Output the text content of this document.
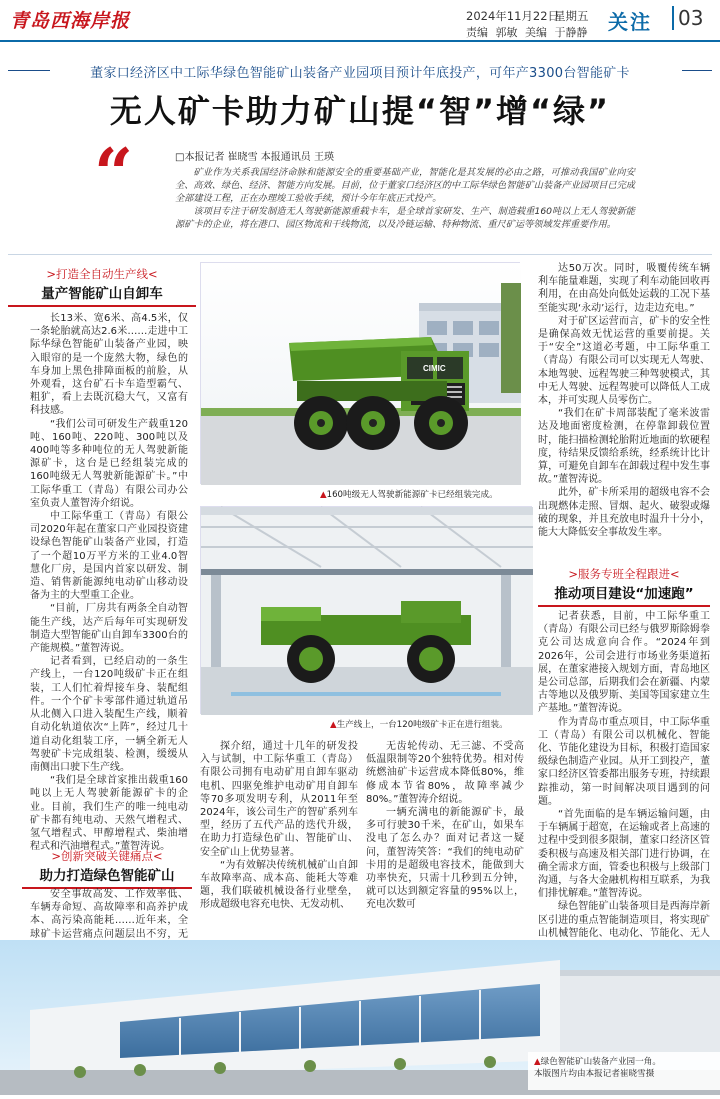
青岛西海岸报	2024年11月22日
星期五
责编 郭敏 美编 于静静 关注	03
董家口经济区中工际华绿色智能矿山装备产业园项目预计年底投产，可年产3300台智能矿卡
无人矿卡助力矿山提“智”增“绿”
“	□本报记者 崔晓雪 本报通讯员 王瑛

矿业作为关系我国经济命脉和能源安全的重要基础产业，智能化是其发展的必由之路，可推动我国矿业向安全、高效、绿色、经济、智能方向发展。目前，位于董家口经济区的中工际华绿色智能矿山装备产业园项目已完成全部建设工程，正在办理竣工验收手续，预计今年年底正式投产。

该项目专注于研发制造无人驾驶新能源重载卡车，是全球首家研发、生产、制造载重160吨以上无人驾驶新能源矿卡的企业，将在港口、园区物流和干线物流，以及冷链运输、特种物流、重尺矿运等领域发挥重要作用。

>打造全自动生产线<
量产智能矿山自卸车

长13米、宽6米、高4.5米，仅一条轮胎就高达2.6米……走进中工际华绿色智能矿山装备产业园，映入眼帘的是一个庞然大物，绿色的车身加上黑色排障面板的前脸，从外观看，这台矿石卡车造型霸气、粗犷，看上去既沉稳大气，又富有科技感。

“我们公司可研发生产载重120吨、160吨、220吨、300吨以及400吨等多种吨位的无人驾驶新能源矿卡，这台是已经组装完成的160吨级无人驾驶新能源矿卡。”中工际华重工（青岛）有限公司办公室负责人董智涛介绍说。

中工际华重工（青岛）有限公司2020年起在董家口产业园投资建设绿色智能矿山装备产业园，打造了一个超10万平方米的工业4.0智慧化厂房，是国内首家以研发、制造、销售新能源纯电动矿山移动设备为主的大型重工企业。

“目前，厂房共有两条全自动智能生产线，达产后每年可实现研发制造大型智能矿山自卸车3300台的产能规模。”董智涛说。

记者看到，已经启动的一条生产线上，一台120吨级矿卡正在组装，工人们忙着焊接车身、装配组件。一个个矿卡零部件通过轨道吊从北侧入口进入装配生产线，顺着自动化轨道依次“上阵”，经过几十道自动化组装工序，一辆全新无人驾驶矿卡完成组装、检测，缓缓从南侧出口驶下生产线。

“我们是全球首家推出载重160吨以上无人驾驶新能源矿卡的企业。目前，我们生产的唯一纯电动矿卡都有纯电动、天然气增程式、氢气增程式、甲醇增程式、柴油增程式和汽油增程式。”董智涛说。

>创新突破关键痛点<
助力打造绿色智能矿山

安全事故高发、工作效率低、车辆寿命短、高故障率和高养护成本、高污染高能耗……近年来，全球矿卡运营痛点问题层出不穷，无

CIMIC
▲160吨级无人驾驶新能源矿卡已经组装完成。
▲生产线上，一台120吨级矿卡正在进行组装。

探介绍，通过十几年的研发投入与试制，中工际华重工（青岛）有限公司拥有电动矿用自卸车驱动电机、四驱免维护电动矿用自卸车等70多项发明专利，从2011年至2024年，该公司生产的智矿系列车型，经历了五代产品的迭代升级，在助力打造绿色矿山、智能矿山、安全矿山上优势显著。

“为有效解决传统机械矿山自卸车故障率高、成本高、能耗大等难题，我们联破机械设备行业壁垒，形成超级电容充电快、无发动机、

无齿轮传动、无三滤、不受高低温限制等20个独特优势。相对传统燃油矿卡运营成本降低80%，维修成本节省80%，故障率减少80%。”董智涛介绍说。

一辆充满电的新能源矿卡，最多可行驶30千米，在矿山，如果车没电了怎么办？面对记者这一疑问，董智涛笑答：“我们的纯电动矿卡用的是超级电容技术，能做到大功率快充，只需十几秒到五分钟，就可以达到额定容量的95%以上，充电次数可

达50万次。同时，吸覆传统车辆利车能量难题，实现了利车动能回收再利用，在由高处向低处运载的工况下基至能实现‘永动’运行，边走边充电。”

对于矿区运营而言，矿卡的安全性是确保高效无忧运营的重要前提。关于“安全”这道必考题，中工际华重工（青岛）有限公司可以实现无人驾驶、本地驾驶、远程驾驶三种驾驶模式，其中无人驾驶、远程驾驶可以降低人工成本，并可实现人员零伤亡。

“我们在矿卡周部装配了毫米波雷达及地面密度检测，在停靠卸载位置时，能扫描检测轮胎附近地面的软硬程度，待结果反馈给系统，经系统计比计算，可避免自卸车在卸载过程中发生事故。”董智涛说。

此外，矿卡所采用的超级电容不会出现燃体走照、冒烟、起火、破裂或爆破的现象，并且充放电时温升十分小，能大大降低安全事故发生率。

>服务专班全程跟进<
推动项目建设“加速跑”

记者获悉，目前，中工际华重工（青岛）有限公司已经与俄罗斯除姆拳克公司达成意向合作。“2024年到2026年，公司会进行市场业务渠道拓展，在董家港接入规划方面，青岛地区是公司总部，后期我们会在新疆、内蒙古等地以及俄罗斯、美国等国家建立生产基地。”董智涛说。

作为青岛市重点项目，中工际华重工（青岛）有限公司以机械化、智能化、节能化建设为目标，积极打造国家级绿色制造产业园。从开工到投产，董家口经济区管委都出服务专班，持续跟踪推动，第一时间解决项目遇到的问题。

“首先面临的是车辆运输问题，由于车辆属于超宽，在运输或者上高速的过程中受到很多限制，董家口经济区管委积极与高速及相关部门进行协调，在确全需求方面，管委也积极与上级部门沟通，与各大金融机构相互联系，为我们排忧解难。”董智涛说。

绿色智能矿山装备项目是西海岸新区引进的重点智能制造项目，将实现矿山机械智能化、电动化、节能化、无人

▲绿色智能矿山装备产业园一角。
本版图片均由本报记者崔晓雪摄
